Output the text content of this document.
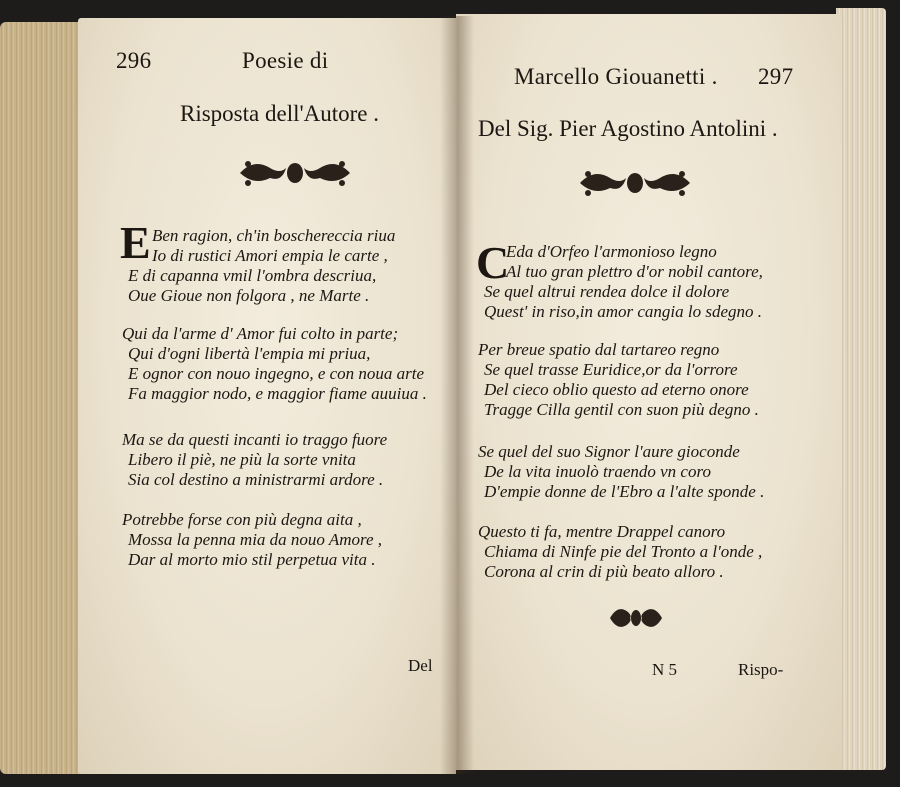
296	Poesie di
Risposta dell'Autore .
E Ben ragion, ch'in boschereccia riua
Io di rustici Amori empia le carte ,
E di capanna vmil l'ombra descriua,
Oue Gioue non folgora , ne Marte .
Qui da l'arme d' Amor fui colto in parte;
Qui d'ogni libertà l'empia mi priua,
E ognor con nouo ingegno, e con noua arte
Fa maggior nodo, e maggior fiame auuiua .
Ma se da questi incanti io traggo fuore
Libero il piè, ne più la sorte vnita
Sia col destino a ministrarmi ardore .
Potrebbe forse con più degna aita ,
Mossa la penna mia da nouo Amore ,
Dar al morto mio stil perpetua vita .
Del
Marcello Giouanetti . 297
Del Sig. Pier Agostino Antolini .
C
Eda d'Orfeo l'armonioso legno
Al tuo gran plettro d'or nobil cantore,
Se quel altrui rendea dolce il dolore
Quest' in riso,in amor cangia lo sdegno .
Per breue spatio dal tartareo regno
Se quel trasse Euridice,or da l'orrore
Del cieco oblio questo ad eterno onore
Tragge Cilla gentil con suon più degno .
Se quel del suo Signor l'aure gioconde
De la vita inuolò traendo vn coro
D'empie donne de l'Ebro a l'alte sponde .
Questo ti fa, mentre Drappel canoro
Chiama di Ninfe pie del Tronto a l'onde ,
Corona al crin di più beato alloro .
N 5	Rispo-
